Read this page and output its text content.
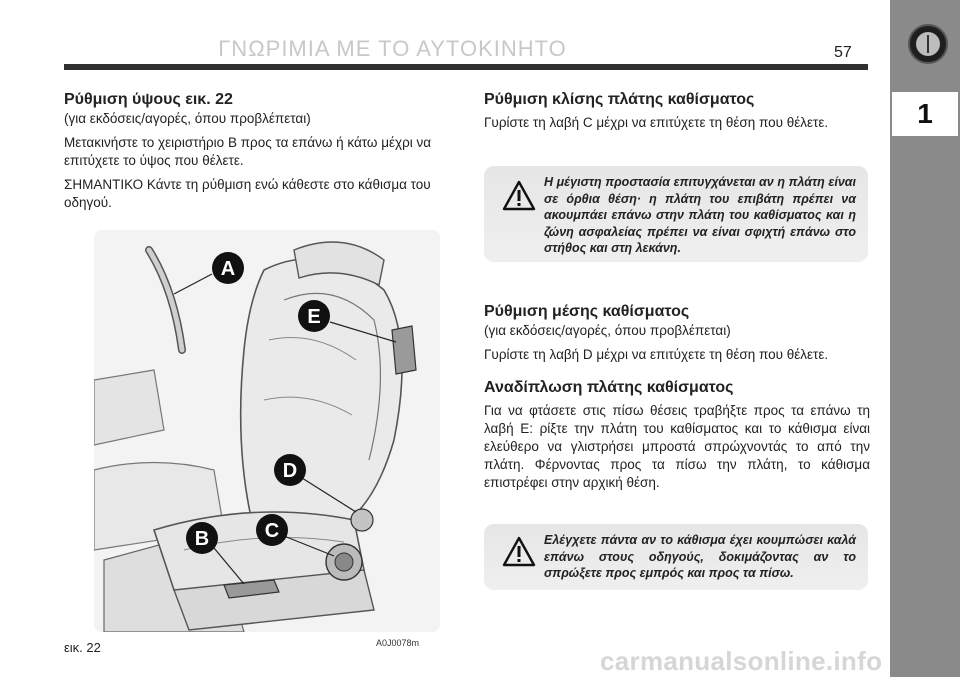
ΓΝΩΡΙΜΙΑ ΜΕ ΤΟ ΑΥΤΟΚΙΝΗΤΟ	57
1
Ρύθμιση ύψους εικ. 22

(για εκδόσεις/αγορές, όπου προβλέπεται)

Μετακινήστε το χειριστήριο B προς τα επάνω ή κάτω μέχρι να επιτύχετε το ύψος που θέλετε.

ΣΗΜΑΝΤΙΚΟ Κάντε τη ρύθμιση ενώ κάθεστε στο κάθισμα του οδηγού.

A
E
D
C
B
εικ. 22	A0J0078m
Ρύθμιση κλίσης πλάτης καθίσματος

Γυρίστε τη λαβή C μέχρι να επιτύχετε τη θέση που θέλετε.

Η μέγιστη προστασία επιτυγχάνεται αν η πλάτη είναι σε όρθια θέση· η πλάτη του επιβάτη πρέπει να ακουμπάει επάνω στην πλάτη του καθίσματος και η ζώνη ασφαλείας πρέπει να είναι σφιχτή επάνω στο στήθος και στη λεκάνη.
Ρύθμιση μέσης καθίσματος

(για εκδόσεις/αγορές, όπου προβλέπεται)

Γυρίστε τη λαβή D μέχρι να επιτύχετε τη θέση που θέλετε.

Αναδίπλωση πλάτης καθίσματος

Για να φτάσετε στις πίσω θέσεις τραβήξτε προς τα επάνω τη λαβή E: ρίξτε την πλάτη του καθίσματος και το κάθισμα είναι ελεύθερο να γλιστρήσει μπροστά σπρώχνοντάς το από την πλάτη. Φέρνοντας προς τα πίσω την πλάτη, το κάθισμα επιστρέφει στην αρχική θέση.

Ελέγχετε πάντα αν το κάθισμα έχει κουμπώσει καλά επάνω στους οδηγούς, δοκιμάζοντας αν το σπρώξετε προς εμπρός και προς τα πίσω.
carmanualsonline.info
